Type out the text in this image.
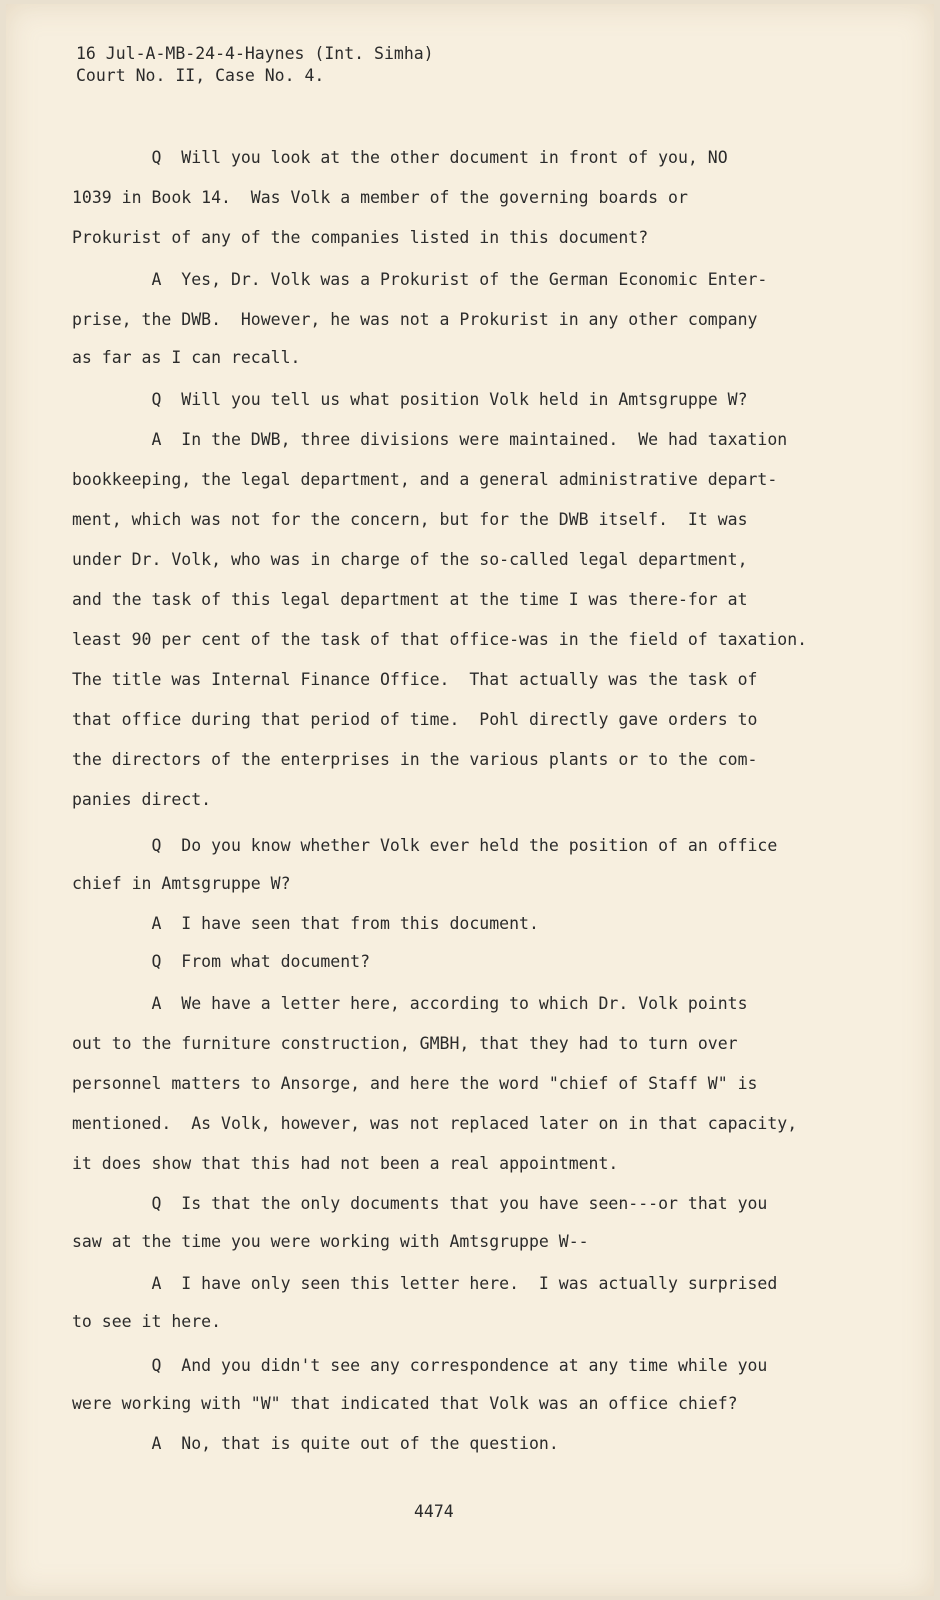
16 Jul-A-MB-24-4-Haynes (Int. Simha)
Court No. II, Case No. 4.
Q  Will you look at the other document in front of you, NO
1039 in Book 14.  Was Volk a member of the governing boards or
Prokurist of any of the companies listed in this document?
A  Yes, Dr. Volk was a Prokurist of the German Economic Enter-
prise, the DWB.  However, he was not a Prokurist in any other company
as far as I can recall.
Q  Will you tell us what position Volk held in Amtsgruppe W?
A  In the DWB, three divisions were maintained.  We had taxation
bookkeeping, the legal department, and a general administrative depart-
ment, which was not for the concern, but for the DWB itself.  It was
under Dr. Volk, who was in charge of the so-called legal department,
and the task of this legal department at the time I was there-for at
least 90 per cent of the task of that office-was in the field of taxation.
The title was Internal Finance Office.  That actually was the task of
that office during that period of time.  Pohl directly gave orders to
the directors of the enterprises in the various plants or to the com-
panies direct.
Q  Do you know whether Volk ever held the position of an office
chief in Amtsgruppe W?
A  I have seen that from this document.
Q  From what document?
A  We have a letter here, according to which Dr. Volk points
out to the furniture construction, GMBH, that they had to turn over
personnel matters to Ansorge, and here the word "chief of Staff W" is
mentioned.  As Volk, however, was not replaced later on in that capacity,
it does show that this had not been a real appointment.
Q  Is that the only documents that you have seen---or that you
saw at the time you were working with Amtsgruppe W--
A  I have only seen this letter here.  I was actually surprised
to see it here.
Q  And you didn't see any correspondence at any time while you
were working with "W" that indicated that Volk was an office chief?
A  No, that is quite out of the question.
4474
